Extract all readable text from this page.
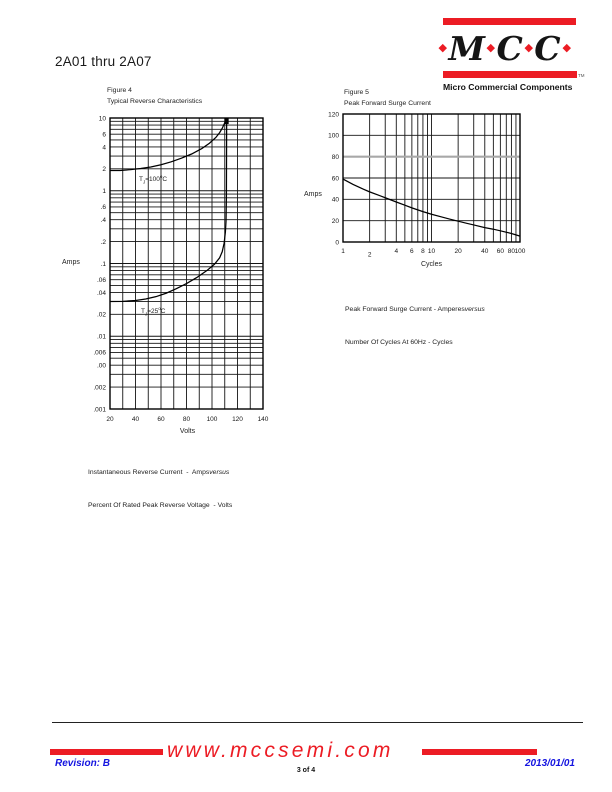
2A01 thru 2A07	M C C
TM
Micro Commercial Components
Figure 4
Typical Reverse Characteristics
20	40	60	80	100 120 140
10
6
4
2
1
.6
.4
.2
.1
.06
.04
.02
.01
.006
.00
.002
.001
Amps
Volts
$T_J=100^oC$
$T_J=25^oC$

Instantaneous Reverse Current  -  Ampsversus

Percent Of Rated Peak Reverse Voltage  - Volts

Figure 5
Peak Forward Surge Current
1	2	4 6 8 10	20	40 60 80 100
120
100
80
60
40
20
0
Amps
Cycles

Peak Forward Surge Current - Amperesversus

Number Of Cycles At 60Hz - Cycles

www.mccsemi.com
Revision: B
3 of 4
2013/01/01
